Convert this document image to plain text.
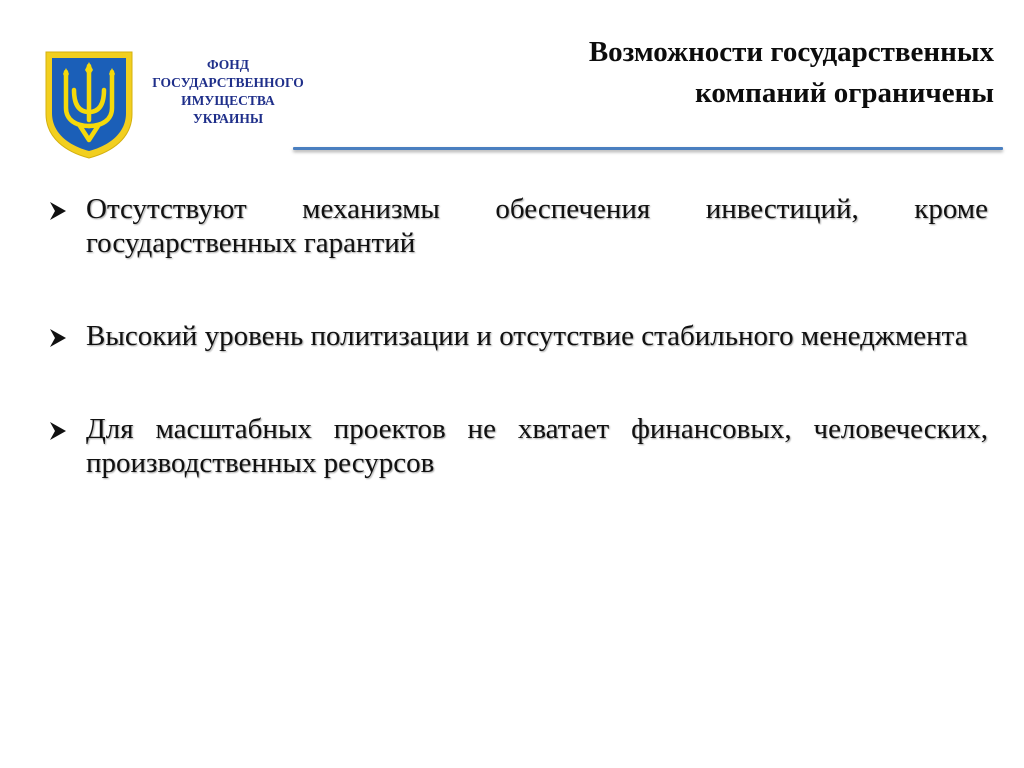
ФОНД
ГОСУДАРСТВЕННОГО
ИМУЩЕСТВА
УКРАИНЫ
Возможности государственных
компаний ограничены
Отсутствуют механизмы обеспечения инвестиций, кроме государственных гарантий
Высокий уровень политизации и отсутствие стабильного менеджмента
Для масштабных проектов не хватает финансовых, человеческих, производственных ресурсов
